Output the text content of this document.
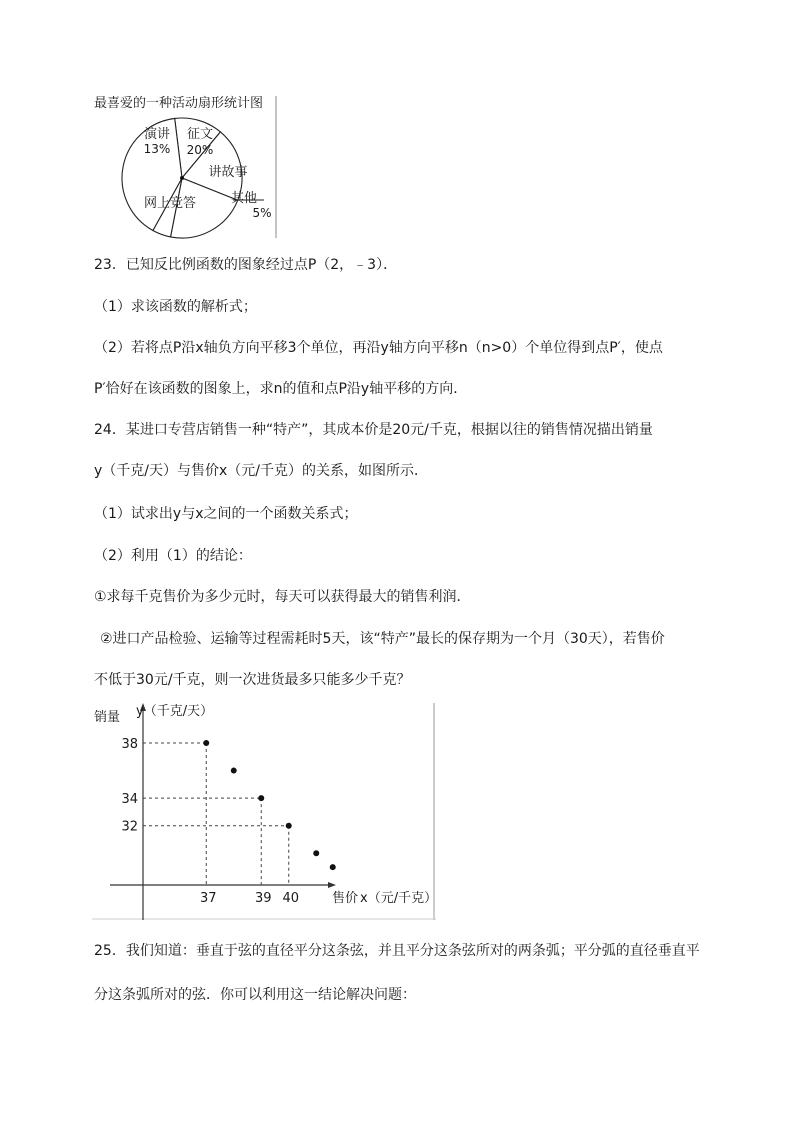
最喜爱的一种活动扇形统计图
演讲
13%
征文
20%
讲故事
其他
5%
网上竞答
23．已知反比例函数的图象经过点P（2，﹣3）．
（1）求该函数的解析式；
（2）若将点P沿x轴负方向平移3个单位，再沿y轴方向平移n（n>0）个单位得到点P′，使点
P′恰好在该函数的图象上，求n的值和点P沿y轴平移的方向．
24．某进口专营店销售一种“特产”，其成本价是20元/千克，根据以往的销售情况描出销量
y（千克/天）与售价x（元/千克）的关系，如图所示．
（1）试求出y与x之间的一个函数关系式；
（2）利用（1）的结论：
①求每千克售价为多少元时，每天可以获得最大的销售利润．
②进口产品检验、运输等过程需耗时5天，该“特产”最长的保存期为一个月（30天），若售价
不低于30元/千克，则一次进货最多只能多少千克？
38
34
32
37	39 40
销量 y（千克/天）
售价 x（元/千克）
25．我们知道：垂直于弦的直径平分这条弦，并且平分这条弦所对的两条弧；平分弧的直径垂直平
分这条弧所对的弦．你可以利用这一结论解决问题：
